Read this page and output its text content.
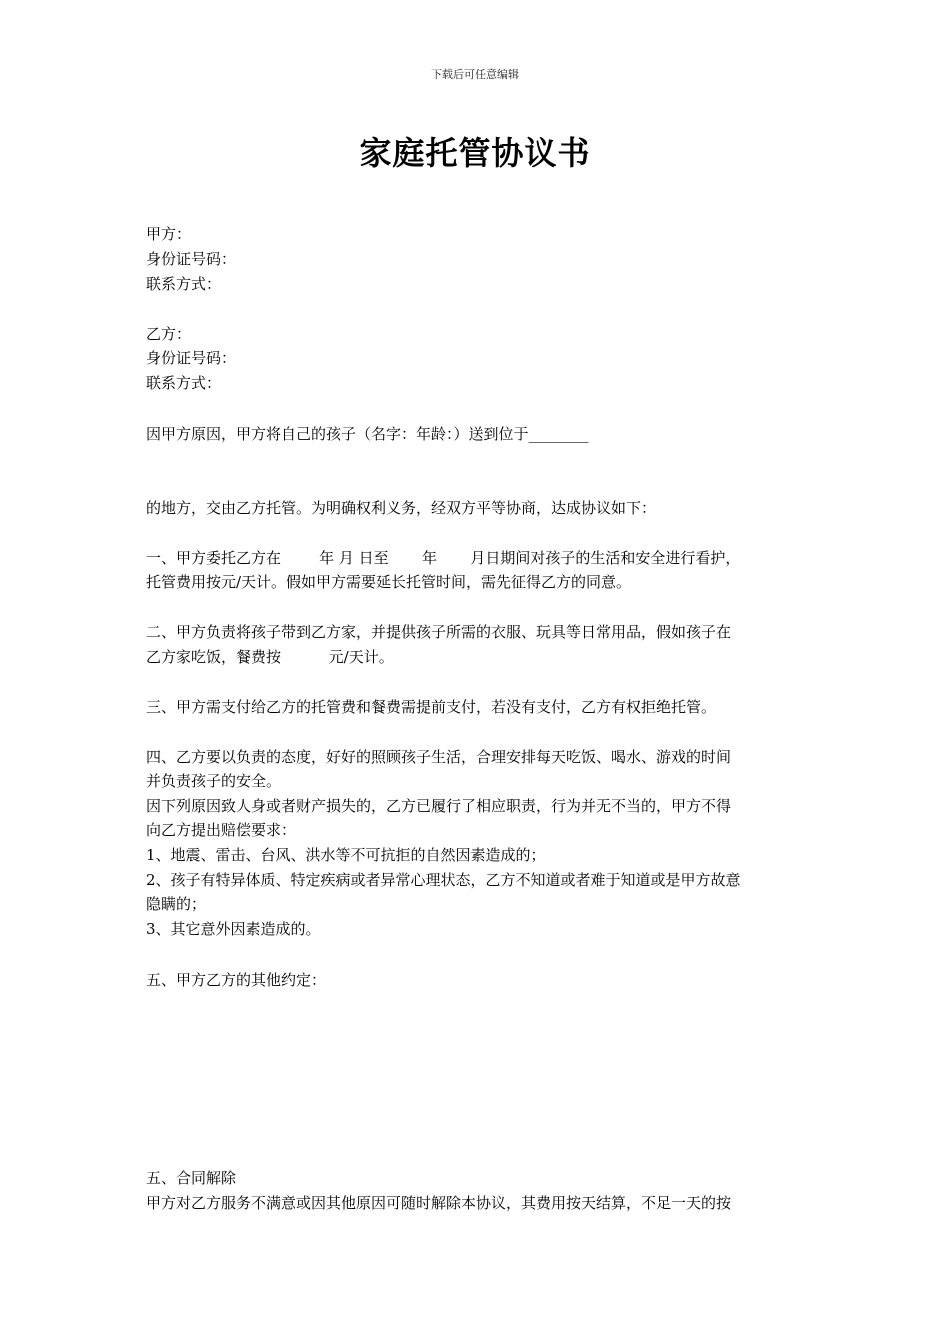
下载后可任意编辑
家庭托管协议书
甲方：
身份证号码：
联系方式：
乙方：
身份证号码：
联系方式：
因甲方原因，甲方将自己的孩子（名字：年龄：）送到位于________
的地方，交由乙方托管。为明确权利义务，经双方平等协商，达成协议如下：
一、甲方委托乙方在        年 月 日至       年       月日期间对孩子的生活和安全进行看护，
托管费用按元/天计。假如甲方需要延长托管时间，需先征得乙方的同意。
二、甲方负责将孩子带到乙方家，并提供孩子所需的衣服、玩具等日常用品，假如孩子在
乙方家吃饭，餐费按          元/天计。
三、甲方需支付给乙方的托管费和餐费需提前支付，若没有支付，乙方有权拒绝托管。
四、乙方要以负责的态度，好好的照顾孩子生活，合理安排每天吃饭、喝水、游戏的时间
并负责孩子的安全。
因下列原因致人身或者财产损失的，乙方已履行了相应职责，行为并无不当的，甲方不得
向乙方提出赔偿要求：
1、地震、雷击、台风、洪水等不可抗拒的自然因素造成的；
2、孩子有特异体质、特定疾病或者异常心理状态，乙方不知道或者难于知道或是甲方故意
隐瞒的；
3、其它意外因素造成的。
五、甲方乙方的其他约定：
五、合同解除
甲方对乙方服务不满意或因其他原因可随时解除本协议，其费用按天结算，不足一天的按
